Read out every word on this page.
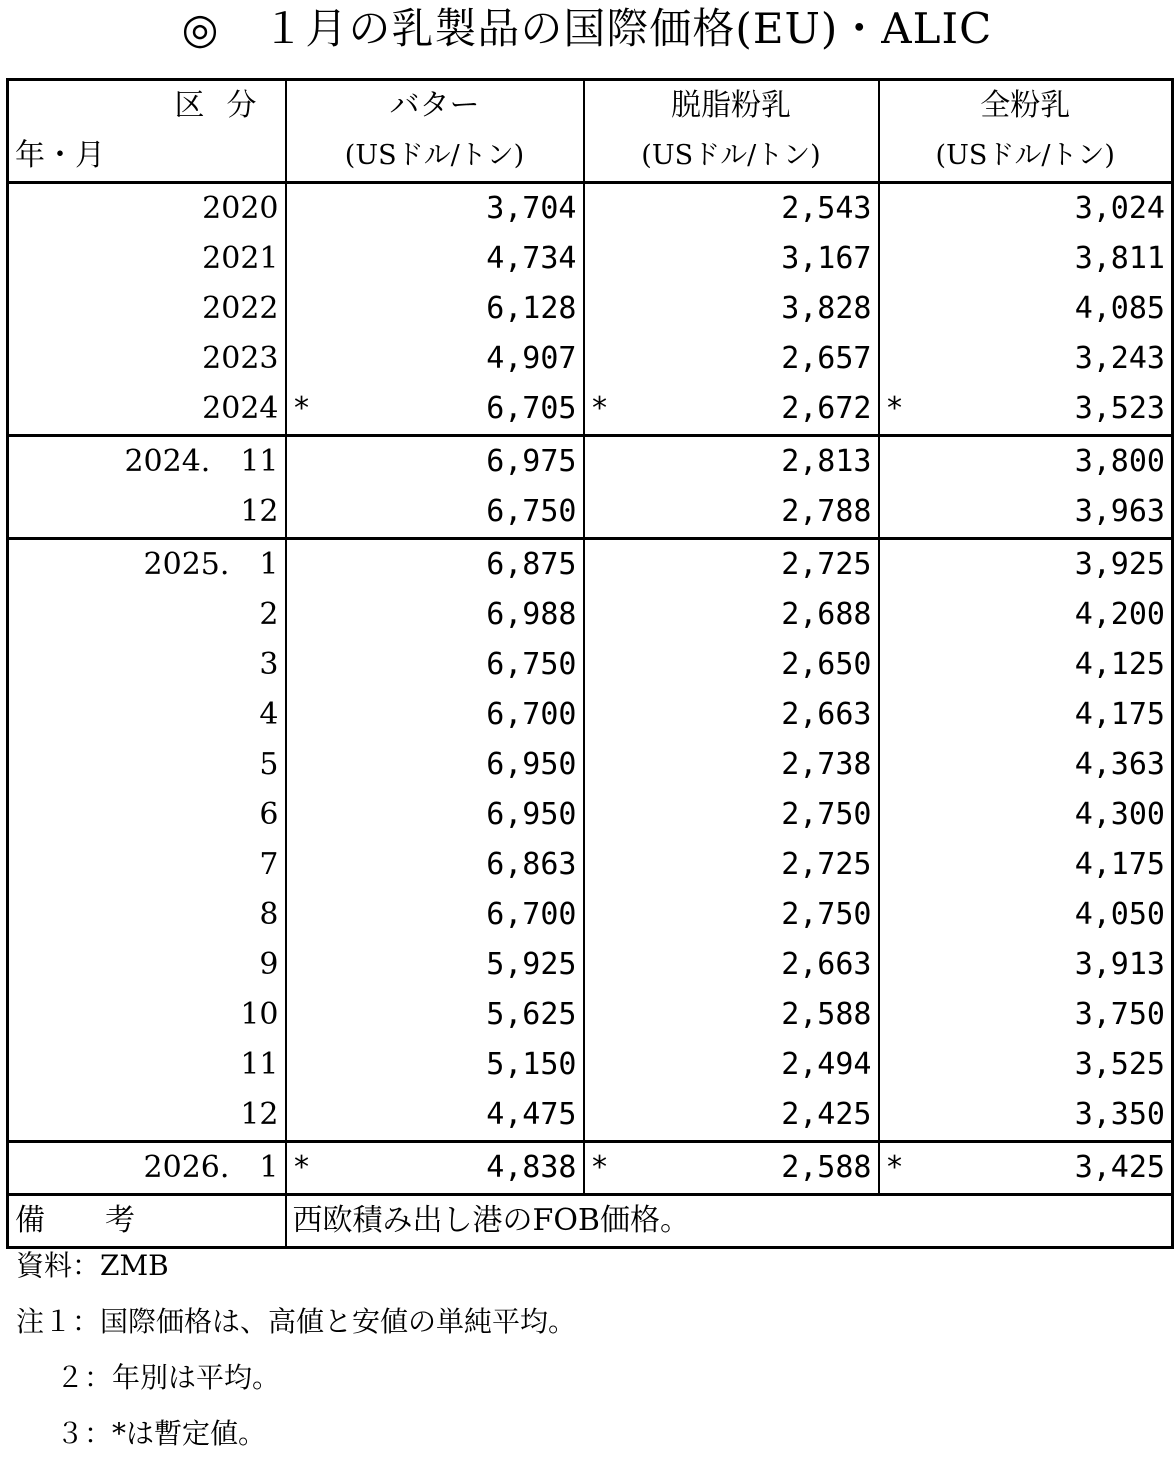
◎　１月の乳製品の国際価格(EU)・ALIC
区分	バター	脱脂粉乳	全粉乳
年・月	(USドル/トン)	(USドル/トン)	(USドル/トン)
2020	3,704	2,543	3,024
2021	4,734	3,167	3,811
2022	6,128	3,828	4,085
2023	4,907	2,657	3,243
2024	* 6,705	* 2,672	* 3,523
2024.　11	6,975	2,813	3,800
12	6,750	2,788	3,963
2025.　1	6,875	2,725	3,925
2	6,988	2,688	4,200
3	6,750	2,650	4,125
4	6,700	2,663	4,175
5	6,950	2,738	4,363
6	6,950	2,750	4,300
7	6,863	2,725	4,175
8	6,700	2,750	4,050
9	5,925	2,663	3,913
10	5,625	2,588	3,750
11	5,150	2,494	3,525
12	4,475	2,425	3,350
2026.　1	* 4,838	* 2,588	* 3,425
備考	西欧積み出し港のFOB価格。		
資料：ZMB
注１：国際価格は、高値と安値の単純平均。
２：年別は平均。
３：*は暫定値。
